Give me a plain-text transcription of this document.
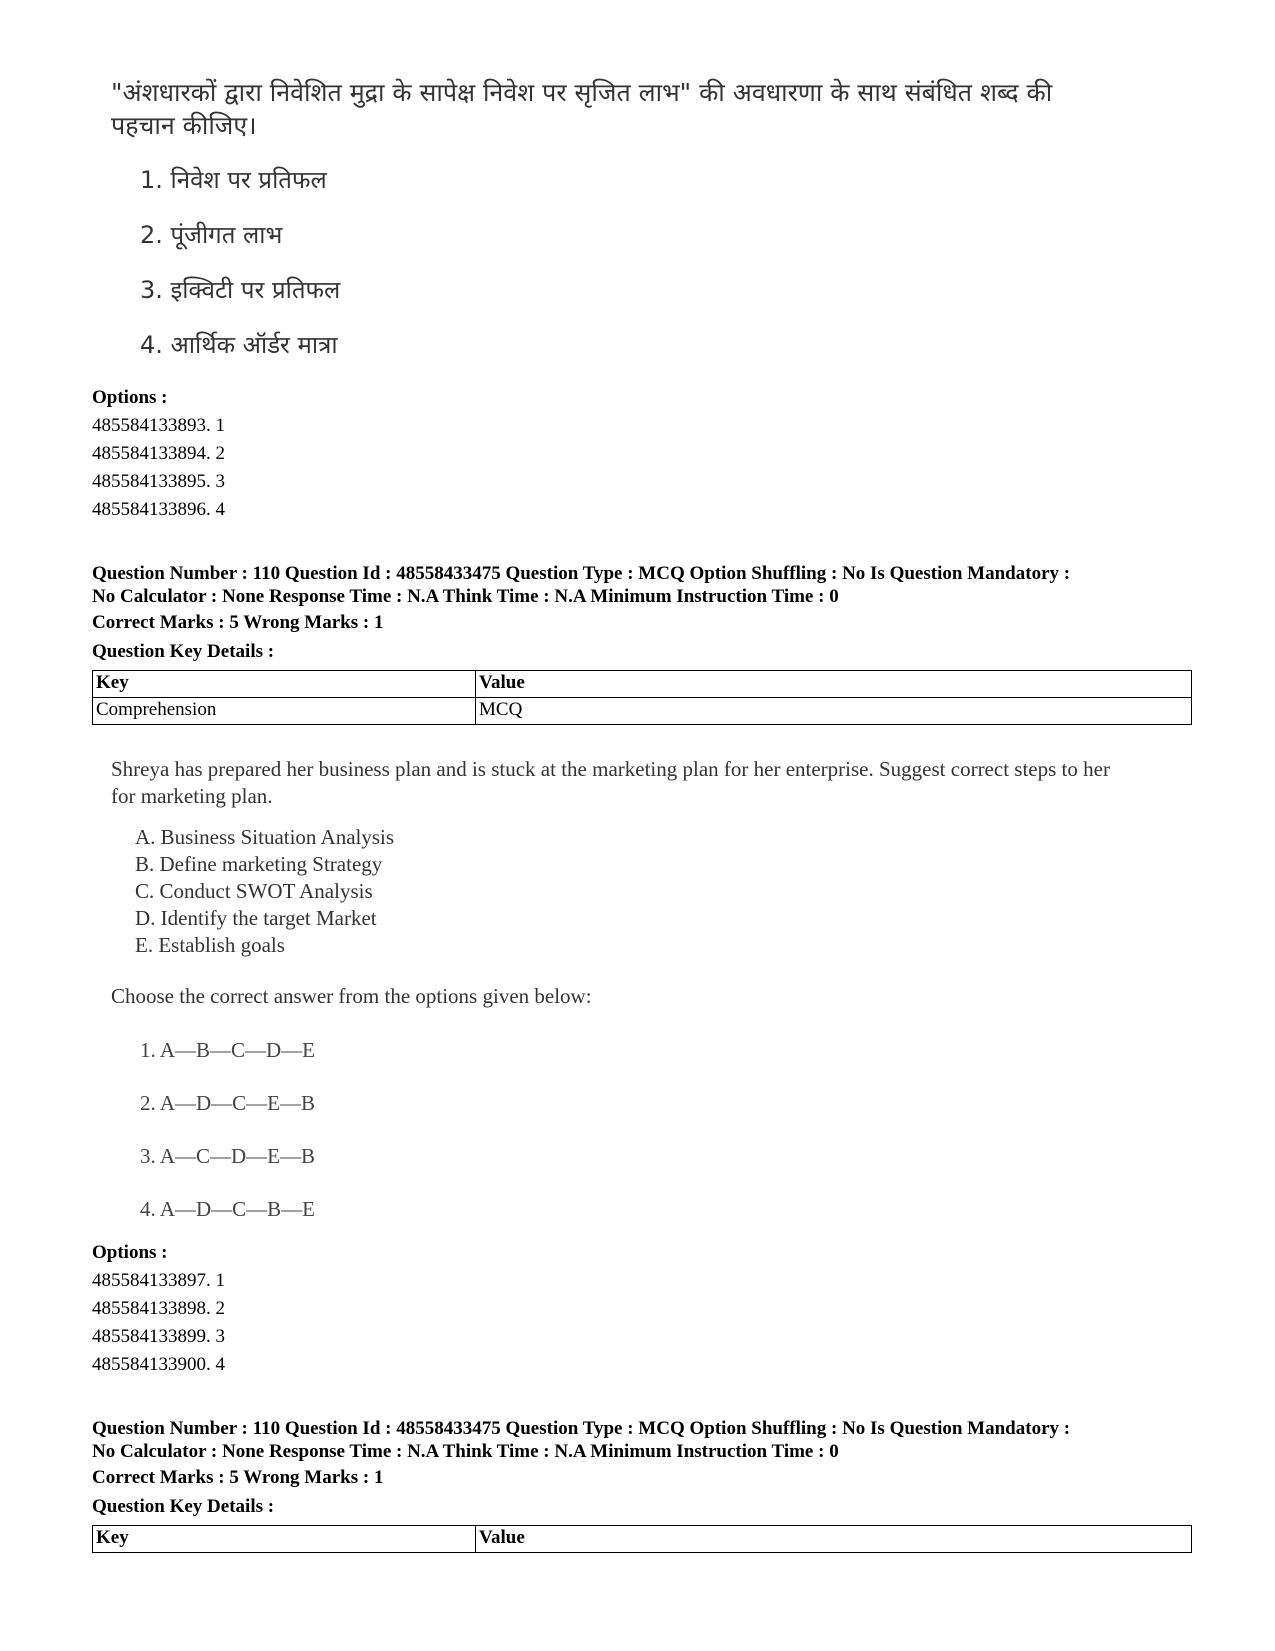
"अंशधारकों द्वारा निवेशित मुद्रा के सापेक्ष निवेश पर सृजित लाभ" की अवधारणा के साथ संबंधित शब्द की पहचान कीजिए।
1. निवेश पर प्रतिफल
2. पूंजीगत लाभ
3. इक्विटी पर प्रतिफल
4. आर्थिक ऑर्डर मात्रा
Options :
485584133893. 1
485584133894. 2
485584133895. 3
485584133896. 4
Question Number : 110 Question Id : 48558433475 Question Type : MCQ Option Shuffling : No Is Question Mandatory :
No Calculator : None Response Time : N.A Think Time : N.A Minimum Instruction Time : 0
Correct Marks : 5 Wrong Marks : 1
Question Key Details :
Key	Value
Comprehension	MCQ
Shreya has prepared her business plan and is stuck at the marketing plan for her enterprise. Suggest correct steps to her for marketing plan.
A. Business Situation Analysis
B. Define marketing Strategy
C. Conduct SWOT Analysis
D. Identify the target Market
E. Establish goals
Choose the correct answer from the options given below:
1. A—B—C—D—E
2. A—D—C—E—B
3. A—C—D—E—B
4. A—D—C—B—E
Options :
485584133897. 1
485584133898. 2
485584133899. 3
485584133900. 4
Question Number : 110 Question Id : 48558433475 Question Type : MCQ Option Shuffling : No Is Question Mandatory :
No Calculator : None Response Time : N.A Think Time : N.A Minimum Instruction Time : 0
Correct Marks : 5 Wrong Marks : 1
Question Key Details :
Key	Value
